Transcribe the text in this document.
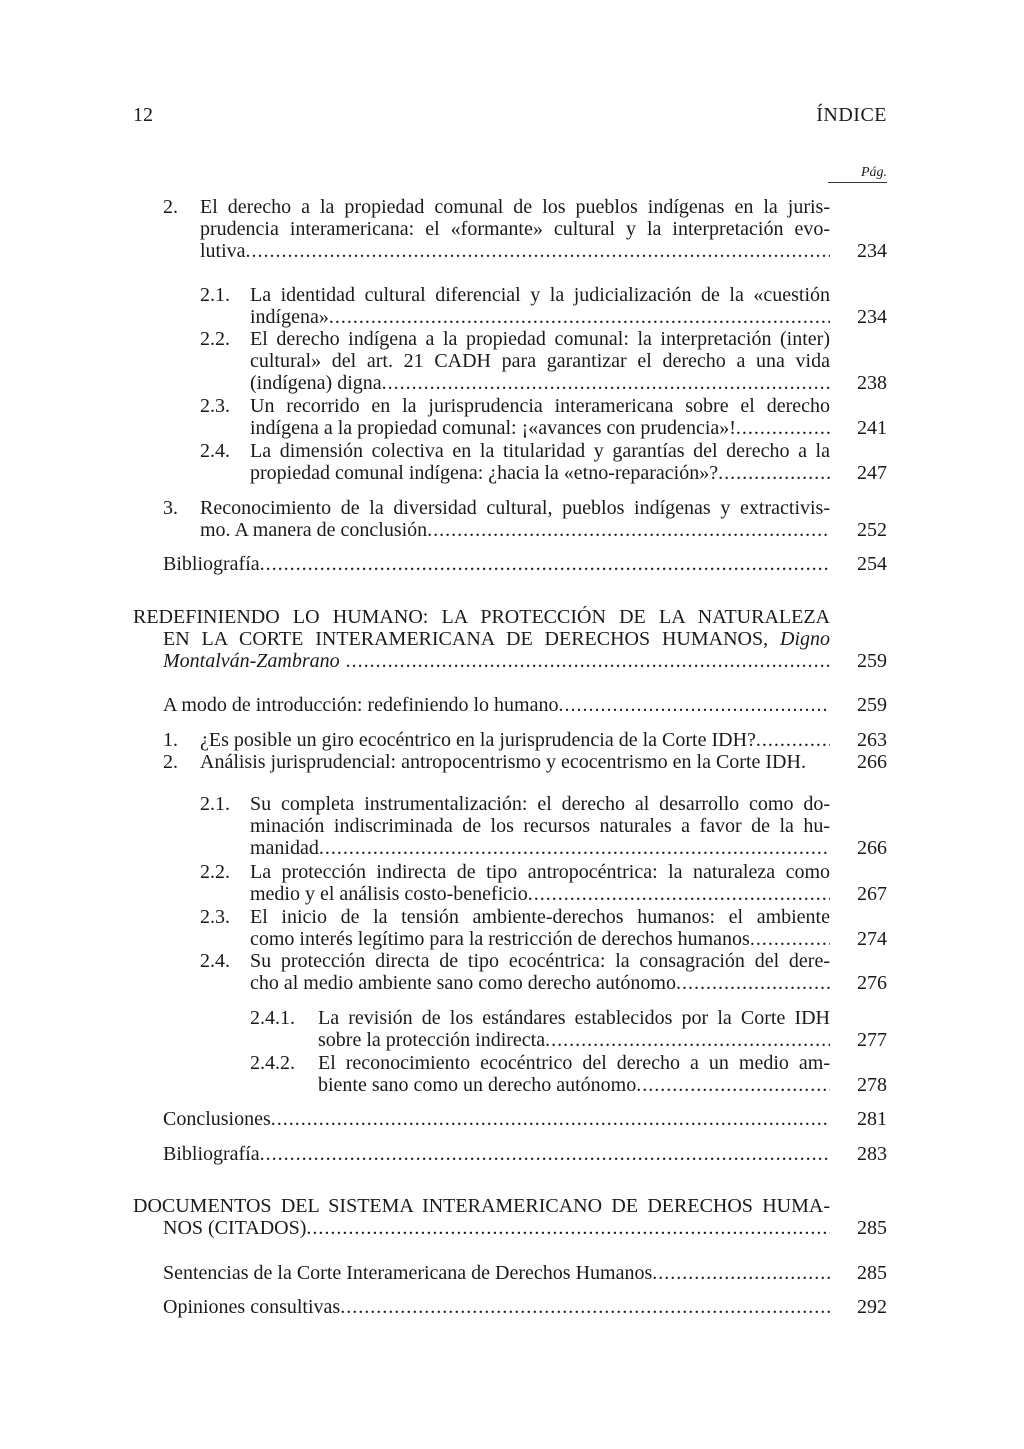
12	ÍNDICE
Pág.
2. El derecho a la propiedad comunal de los pueblos indígenas en la juris-
prudencia interamericana: el «formante» cultural y la interpretación evo-
lutiva .....	234
2.1. La identidad cultural diferencial y la judicialización de la «cuestión
indígena» .....	234
2.2. El derecho indígena a la propiedad comunal: la interpretación (inter)
cultural» del art. 21 CADH para garantizar el derecho a una vida
(indígena) digna .....	238
2.3. Un recorrido en la jurisprudencia interamericana sobre el derecho
indígena a la propiedad comunal: ¡«avances con prudencia»! .....	241
2.4. La dimensión colectiva en la titularidad y garantías del derecho a la
propiedad comunal indígena: ¿hacia la «etno-reparación»? .....	247
3. Reconocimiento de la diversidad cultural, pueblos indígenas y extractivis-
mo. A manera de conclusión .....	252
Bibliografía .....	254
REDEFINIENDO LO HUMANO: LA PROTECCIÓN DE LA NATURALEZA
EN LA CORTE INTERAMERICANA DE DERECHOS HUMANOS, Digno
Montalván-Zambrano .....	259
A modo de introducción: redefiniendo lo humano .....	259
1. ¿Es posible un giro ecocéntrico en la jurisprudencia de la Corte IDH? .....	263
2. Análisis jurisprudencial: antropocentrismo y ecocentrismo en la Corte IDH.	266
2.1. Su completa instrumentalización: el derecho al desarrollo como do-
minación indiscriminada de los recursos naturales a favor de la hu-
manidad .....	266
2.2. La protección indirecta de tipo antropocéntrica: la naturaleza como
medio y el análisis costo-beneficio .....	267
2.3. El inicio de la tensión ambiente-derechos humanos: el ambiente
como interés legítimo para la restricción de derechos humanos .....	274
2.4. Su protección directa de tipo ecocéntrica: la consagración del dere-
cho al medio ambiente sano como derecho autónomo .....	276
2.4.1. La revisión de los estándares establecidos por la Corte IDH
sobre la protección indirecta .....	277
2.4.2. El reconocimiento ecocéntrico del derecho a un medio am-
biente sano como un derecho autónomo .....	278
Conclusiones .....	281
Bibliografía .....	283
DOCUMENTOS DEL SISTEMA INTERAMERICANO DE DERECHOS HUMA-
NOS (CITADOS) .....	285
Sentencias de la Corte Interamericana de Derechos Humanos .....	285
Opiniones consultivas .....	292
